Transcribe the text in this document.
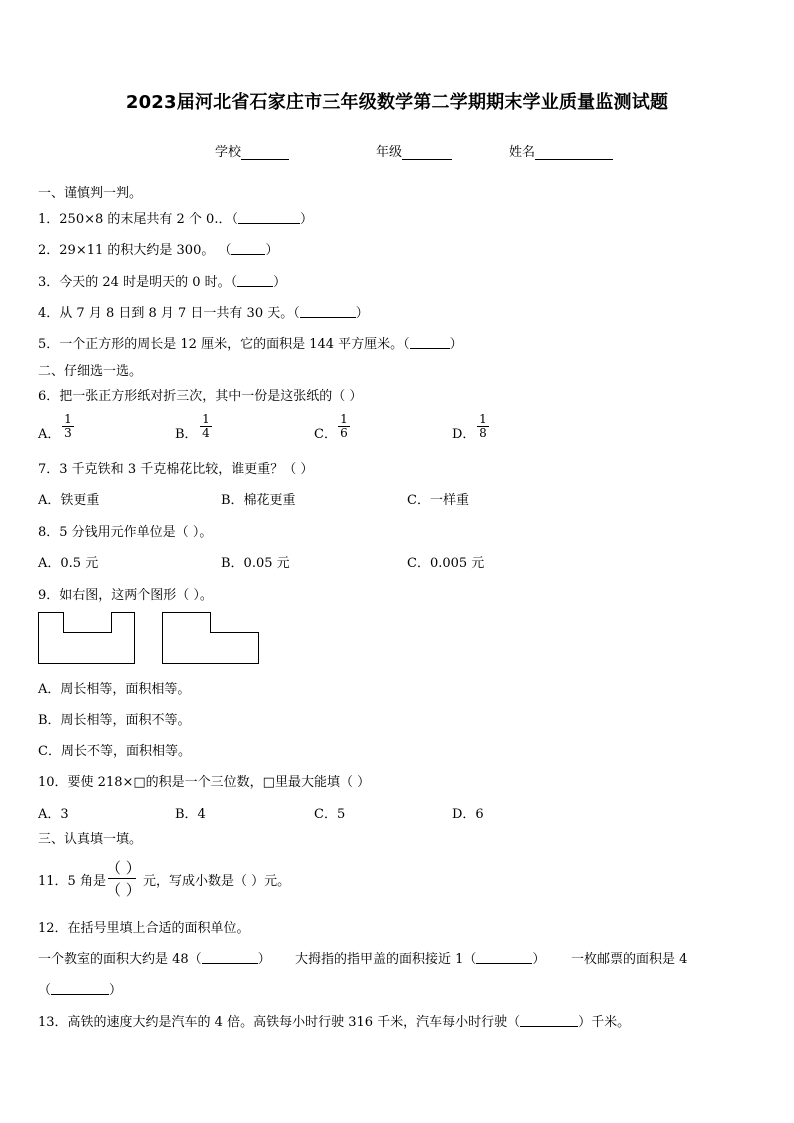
2023届河北省石家庄市三年级数学第二学期期末学业质量监测试题
学校	年级	姓名
一、谨慎判一判。
1．250×8 的末尾共有 2 个 0.．（	）
2．29×11 的积大约是 300。 （	）
3．今天的 24 时是明天的 0 时。（	）
4．从 7 月 8 日到 8 月 7 日一共有 30 天。（	）
5．一个正方形的周长是 12 厘米，它的面积是 144 平方厘米。（	）
二、仔细选一选。
6．把一张正方形纸对折三次，其中一份是这张纸的（ ）
A． $\frac{1}{3}$	B． $\frac{1}{4}$	C． $\frac{1}{6}$	D． $\frac{1}{8}$
7．3 千克铁和 3 千克棉花比较，谁更重？（ ）
A．铁更重	B．棉花更重	C．一样重
8．5 分钱用元作单位是（ ）。
A．0.5 元	B．0.05 元	C．0.005 元
9．如右图，这两个图形（ ）。
A．周长相等，面积相等。
B．周长相等，面积不等。
C．周长不等，面积相等。
10．要使 218×□的积是一个三位数，□里最大能填（ ）
A．3	B．4	C．5	D．6
三、认真填一填。
11．5 角是
（ ）
（ ） 元，写成小数是（ ）元。
12．在括号里填上合适的面积单位。
一个教室的面积大约是 48（	） 大拇指的指甲盖的面积接近 1（	） 一枚邮票的面积是 4
（	）
13．高铁的速度大约是汽车的 4 倍。高铁每小时行驶 316 千米，汽车每小时行驶（	）千米。
